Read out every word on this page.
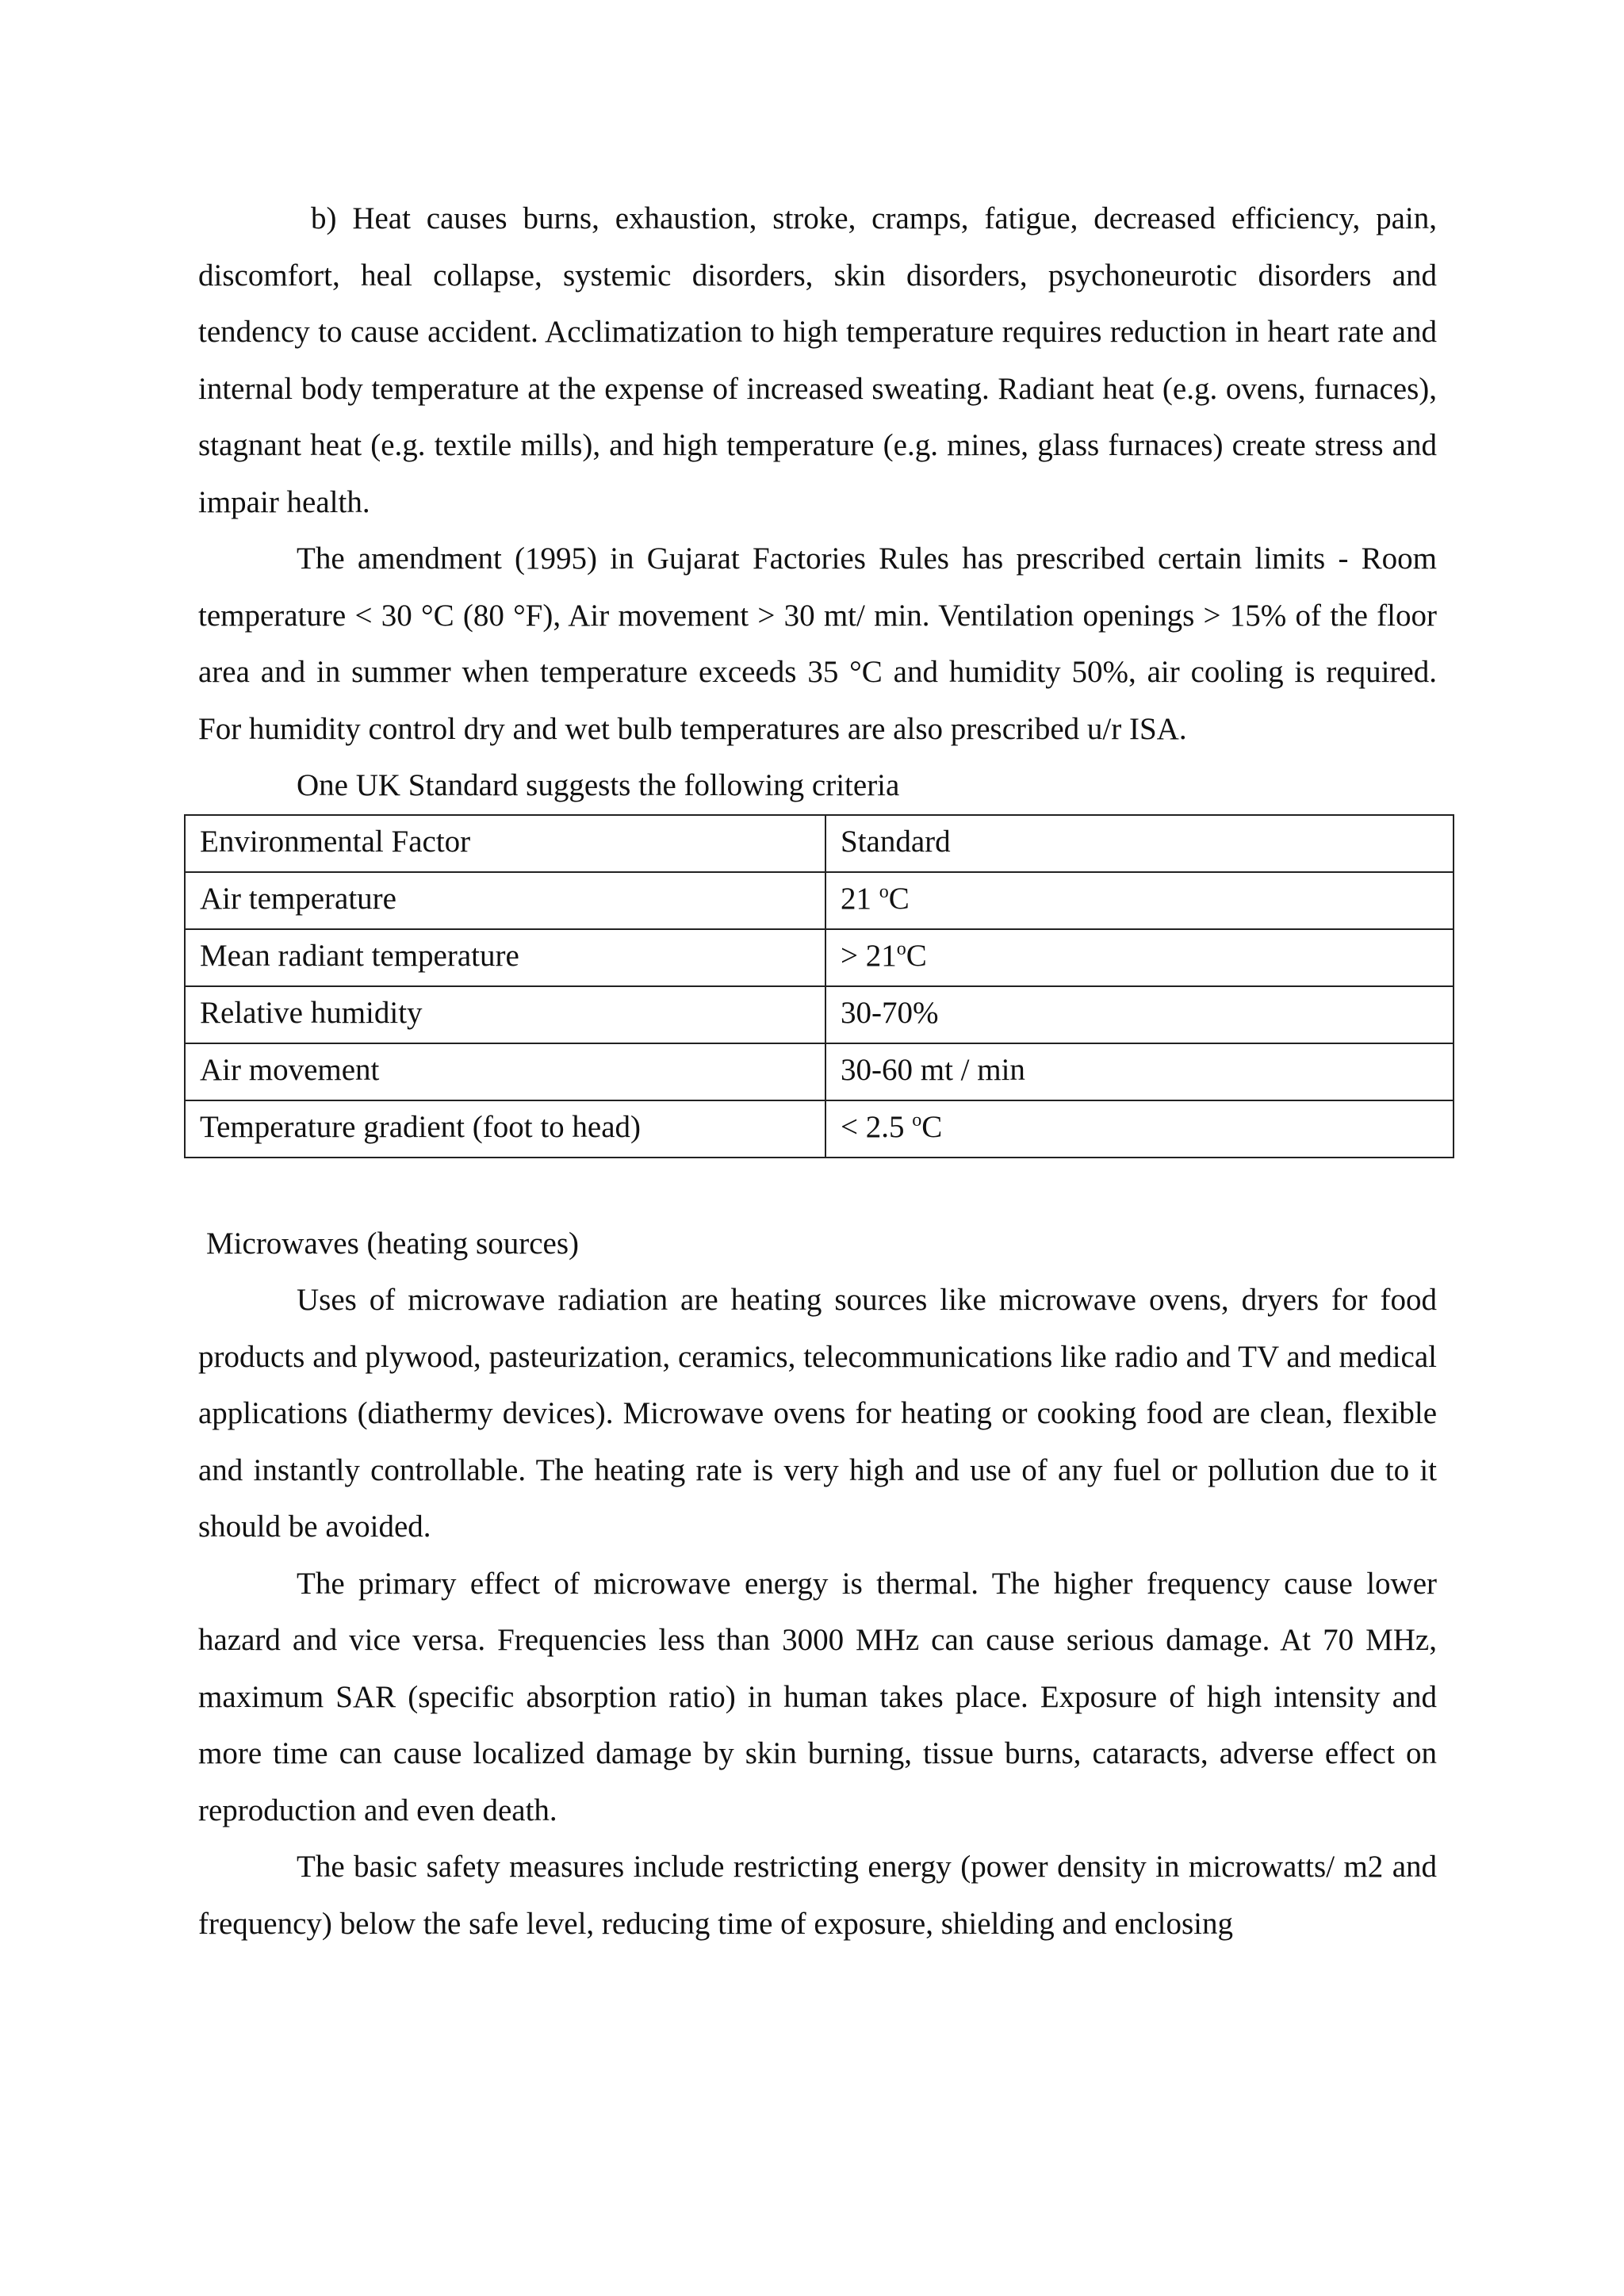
b) Heat causes burns, exhaustion, stroke, cramps, fatigue, decreased efficiency, pain, discomfort, heal collapse, systemic disorders, skin disorders, psychoneurotic disorders and tendency to cause accident. Acclimatization to high temperature requires reduction in heart rate and internal body temperature at the expense of increased sweating. Radiant heat (e.g. ovens, furnaces), stagnant heat (e.g. textile mills), and high temperature (e.g. mines, glass furnaces) create stress and impair health.

The amendment (1995) in Gujarat Factories Rules has prescribed certain limits - Room temperature < 30 °C (80 °F), Air movement > 30 mt/ min. Ventilation openings > 15% of the floor area and in summer when temperature exceeds 35 °C and humidity 50%, air cooling is required. For humidity control dry and wet bulb temperatures are also prescribed u/r ISA.

One UK Standard suggests the following criteria

Environmental Factor	Standard
Air temperature	21 $^o$C
Mean radiant temperature	> $21^oC$
Relative humidity	30-70%
Air movement	30-60 mt / min
Temperature gradient (foot to head)	< 2.5 $^o$C

Microwaves (heating sources)

Uses of microwave radiation are heating sources like microwave ovens, dryers for food products and plywood, pasteurization, ceramics, telecommunications like radio and TV and medical applications (diathermy devices). Microwave ovens for heating or cooking food are clean, flexible and instantly controllable. The heating rate is very high and use of any fuel or pollution due to it should be avoided.

The primary effect of microwave energy is thermal. The higher frequency cause lower hazard and vice versa. Frequencies less than 3000 MHz can cause serious damage. At 70 MHz, maximum SAR (specific absorption ratio) in human takes place. Exposure of high intensity and more time can cause localized damage by skin burning, tissue burns, cataracts, adverse effect on reproduction and even death.

The basic safety measures include restricting energy (power density in microwatts/ m2 and frequency) below the safe level, reducing time of exposure, shielding and enclosing
